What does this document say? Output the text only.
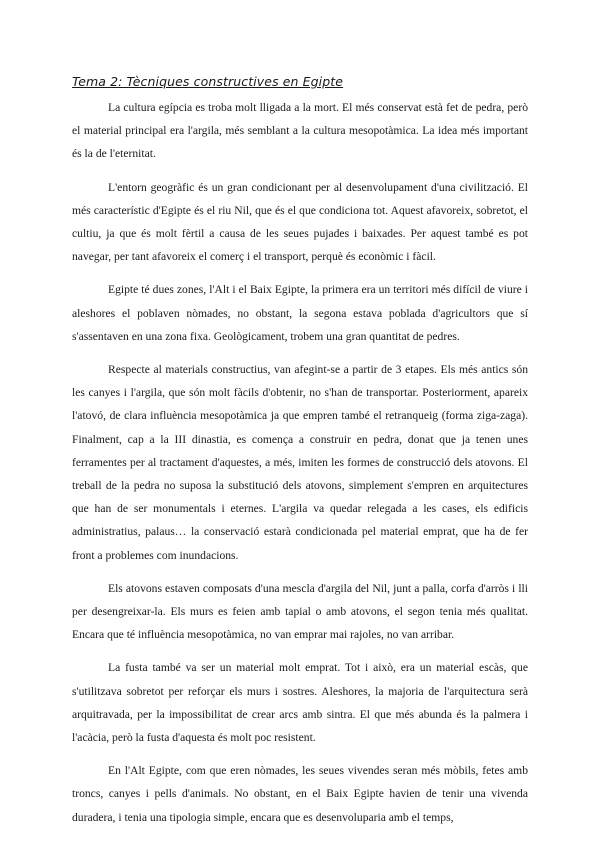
Tema 2: Tècniques constructives en Egipte

La cultura egípcia es troba molt lligada a la mort. El més conservat està fet de pedra, però el material principal era l'argila, més semblant a la cultura mesopotàmica. La idea més important és la de l'eternitat.

L'entorn geogràfic és un gran condicionant per al desenvolupament d'una civilització. El més característic d'Egipte és el riu Nil, que és el que condiciona tot. Aquest afavoreix, sobretot, el cultiu, ja que és molt fèrtil a causa de les seues pujades i baixades. Per aquest també es pot navegar, per tant afavoreix el comerç i el transport, perquè és econòmic i fàcil.

Egipte té dues zones, l'Alt i el Baix Egipte, la primera era un territori més difícil de viure i aleshores el poblaven nòmades, no obstant, la segona estava poblada d'agricultors que sí s'assentaven en una zona fixa. Geològicament, trobem una gran quantitat de pedres.

Respecte al materials constructius, van afegint-se a partir de 3 etapes. Els més antics són les canyes i l'argila, que són molt fàcils d'obtenir, no s'han de transportar. Posteriorment, apareix l'atovó, de clara influència mesopotàmica ja que empren també el retranqueig (forma ziga-zaga). Finalment, cap a la III dinastia, es comença a construir en pedra, donat que ja tenen unes ferramentes per al tractament d'aquestes, a més, imiten les formes de construcció dels atovons. El treball de la pedra no suposa la substitució dels atovons, simplement s'empren en arquitectures que han de ser monumentals i eternes. L'argila va quedar relegada a les cases, els edificis administratius, palaus… la conservació estarà condicionada pel material emprat, que ha de fer front a problemes com inundacions.

Els atovons estaven composats d'una mescla d'argila del Nil, junt a palla, corfa d'arròs i lli per desengreixar-la. Els murs es feien amb tapial o amb atovons, el segon tenia més qualitat. Encara que té influència mesopotàmica, no van emprar mai rajoles, no van arribar.

La fusta també va ser un material molt emprat. Tot i això, era un material escàs, que s'utilitzava sobretot per reforçar els murs i sostres. Aleshores, la majoria de l'arquitectura serà arquitravada, per la impossibilitat de crear arcs amb sintra. El que més abunda és la palmera i l'acàcia, però la fusta d'aquesta és molt poc resistent.

En l'Alt Egipte, com que eren nòmades, les seues vivendes seran més mòbils, fetes amb troncs, canyes i pells d'animals. No obstant, en el Baix Egipte havien de tenir una vivenda duradera, i tenia una tipologia simple, encara que es desenvoluparia amb el temps,
